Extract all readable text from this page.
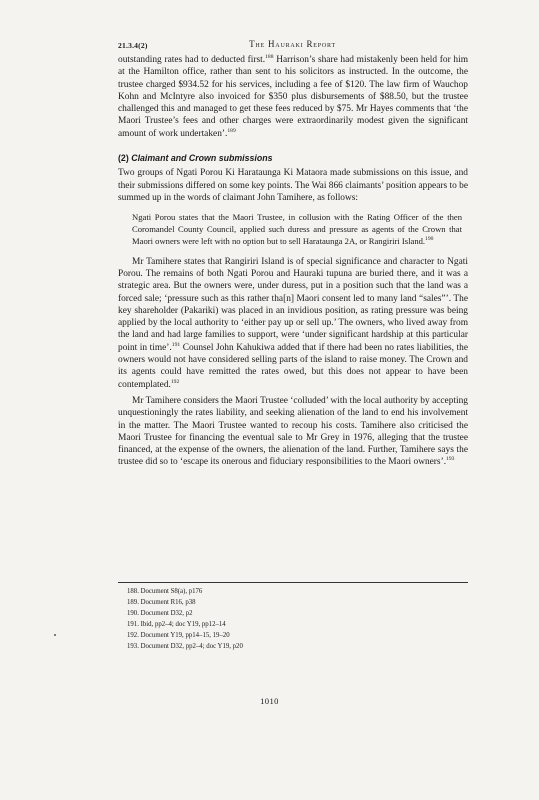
21.3.4(2)	The Hauraki Report

outstanding rates had to deducted first.$^{188}$ Harrison’s share had mistakenly been held for him at the Hamilton office, rather than sent to his solicitors as instructed. In the outcome, the trustee charged $934.52 for his services, including a fee of $120. The law firm of Wauchop Kohn and McIntyre also invoiced for $350 plus disbursements of $88.50, but the trustee challenged this and managed to get these fees reduced by $75. Mr Hayes comments that ‘the Maori Trustee’s fees and other charges were extraordinarily modest given the significant amount of work undertaken’.$^{189}$

(2) Claimant and Crown submissions

Two groups of Ngati Porou Ki Harataunga Ki Mataora made submissions on this issue, and their submissions differed on some key points. The Wai 866 claimants’ position appears to be summed up in the words of claimant John Tamihere, as follows:

Ngati Porou states that the Maori Trustee, in collusion with the Rating Officer of the then Coromandel County Council, applied such duress and pressure as agents of the Crown that Maori owners were left with no option but to sell Harataunga 2A, or Rangiriri Island.$^{190}$

Mr Tamihere states that Rangiriri Island is of special significance and character to Ngati Porou. The remains of both Ngati Porou and Hauraki tupuna are buried there, and it was a strategic area. But the owners were, under duress, put in a position such that the land was a forced sale; ‘pressure such as this rather tha[n] Maori consent led to many land “sales”’. The key shareholder (Pakariki) was placed in an invidious position, as rating pressure was being applied by the local authority to ‘either pay up or sell up.’ The owners, who lived away from the land and had large families to support, were ‘under significant hardship at this particular point in time’.$^{191}$ Counsel John Kahukiwa added that if there had been no rates liabilities, the owners would not have considered selling parts of the island to raise money. The Crown and its agents could have remitted the rates owed, but this does not appear to have been contemplated.$^{192}$

Mr Tamihere considers the Maori Trustee ‘colluded’ with the local authority by accepting unquestioningly the rates liability, and seeking alienation of the land to end his involvement in the matter. The Maori Trustee wanted to recoup his costs. Tamihere also criticised the Maori Trustee for financing the eventual sale to Mr Grey in 1976, alleging that the trustee financed, at the expense of the owners, the alienation of the land. Further, Tamihere says the trustee did so to ‘escape its onerous and fiduciary responsibilities to the Maori owners’.$^{193}$

188. Document S8(a), p176
189. Document R16, p38
190. Document D32, p2
191. Ibid, pp2–4; doc Y19, pp12–14
192. Document Y19, pp14–15, 19–20
193. Document D32, pp2–4; doc Y19, p20
1010
